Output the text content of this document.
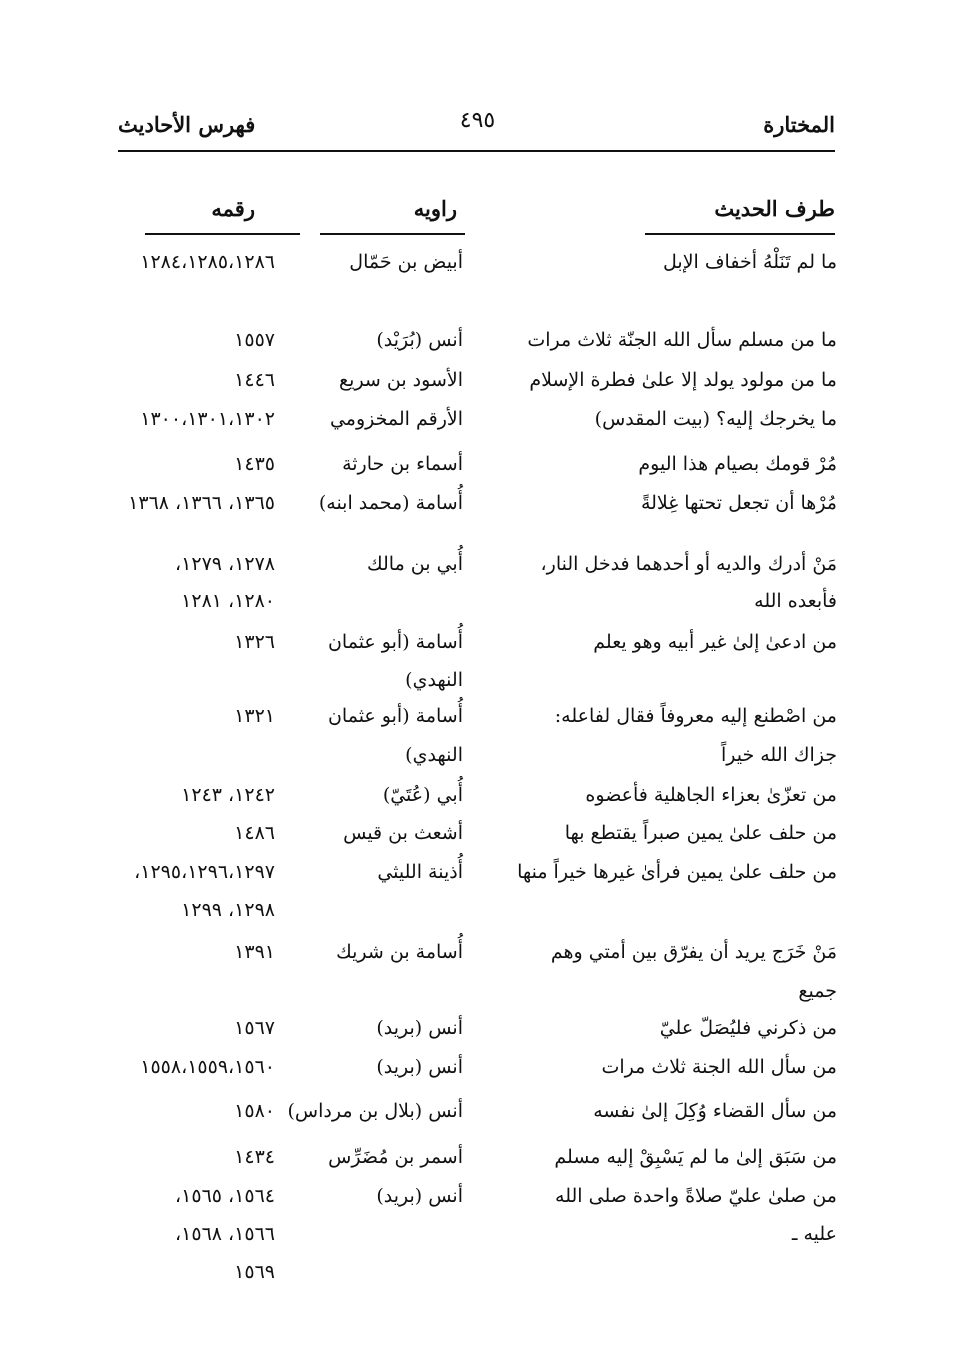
المختارة
٤٩٥
فهرس الأحاديث
طرف الحديث
راويه
رقمه
ما لم تَنَلْهُ أخفاف الإبل
أبيض بن حَمّال
١٢٨٤،١٢٨٥،١٢٨٦
ما من مسلم سأل الله الجنّة ثلاث مرات
أنس (بُرَيْد)
١٥٥٧
ما من مولود يولد إلا علىٰ فطرة الإسلام
الأسود بن سريع
١٤٤٦
ما يخرجك إليه؟ (بيت المقدس)
الأرقم المخزومي
١٣٠٠،١٣٠١،١٣٠٢
مُرْ قومك بصيام هذا اليوم
أسماء بن حارثة
١٤٣٥
مُرْها أن تجعل تحتها غِلالةً
أُسامة (محمد ابنه)
١٣٦٥، ١٣٦٦، ١٣٦٨
مَنْ أدرك والديه أو أحدهما فدخل النار،
فأبعده الله
أُبي بن مالك
١٢٧٨، ١٢٧٩،
١٢٨٠، ١٢٨١
من ادعىٰ إلىٰ غير أبيه وهو يعلم
أُسامة (أبو عثمان
النهدي)
١٣٢٦
من اصْطنع إليه معروفاً فقال لفاعله:
جزاك الله خيراً
أُسامة (أبو عثمان
النهدي)
١٣٢١
من تعزّىٰ بعزاء الجاهلية فأعضوه
أُبي (عُتَيّ)
١٢٤٢، ١٢٤٣
من حلف علىٰ يمين صبراً يقتطع بها
أشعث بن قيس
١٤٨٦
من حلف علىٰ يمين فرأىٰ غيرها خيراً منها
أُذينة الليثي
١٢٩٥،١٢٩٦،١٢٩٧،
١٢٩٨، ١٢٩٩
مَنْ خَرَج يريد أن يفرّق بين أمتي وهم
جميع
أُسامة بن شريك
١٣٩١
من ذكرني فليُصَلّ عليّ
أنس (بريد)
١٥٦٧
من سأل الله الجنة ثلاث مرات
أنس (بريد)
١٥٥٨،١٥٥٩،١٥٦٠
من سأل القضاء وُكِلَ إلىٰ نفسه
أنس (بلال بن مرداس)
١٥٨٠
من سَبَق إلىٰ ما لم يَسْبِقْ إليه مسلم
أسمر بن مُضَرِّس
١٤٣٤
من صلىٰ عليّ صلاةً واحدة صلى الله
عليه ـ
أنس (بريد)
١٥٦٤، ١٥٦٥،
١٥٦٦، ١٥٦٨،
١٥٦٩
